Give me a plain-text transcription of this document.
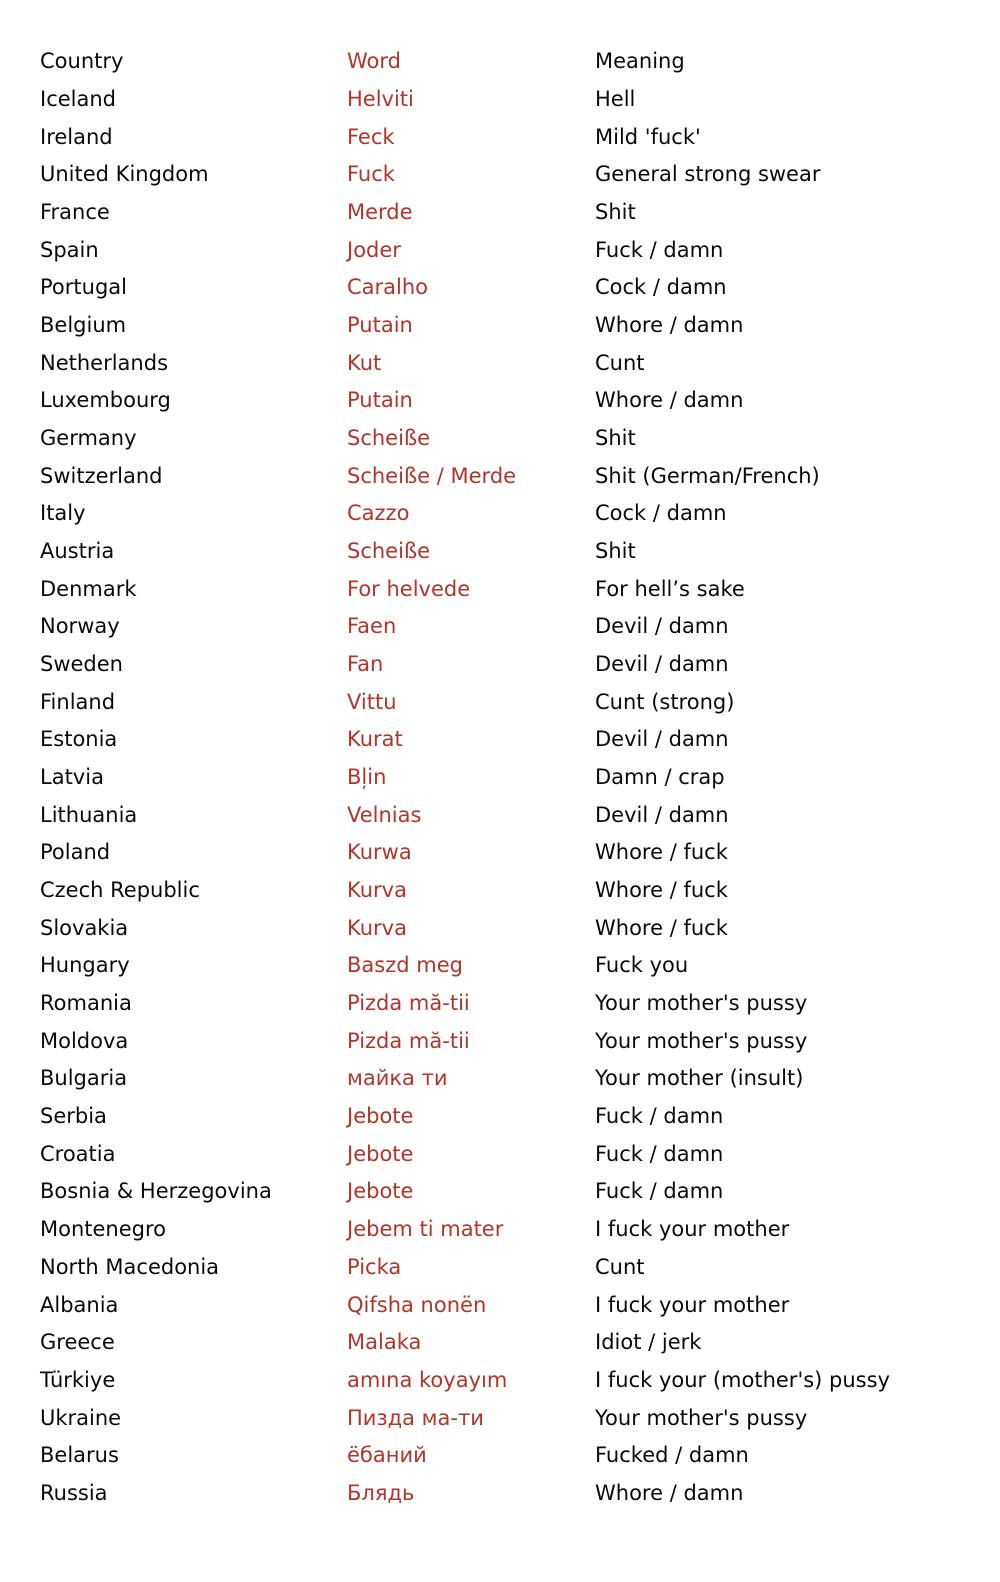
Country	Word	Meaning
Iceland	Helviti	Hell
Ireland	Feck	Mild 'fuck'
United Kingdom	Fuck	General strong swear
France	Merde	Shit
Spain	Joder	Fuck / damn
Portugal	Caralho	Cock / damn
Belgium	Putain	Whore / damn
Netherlands	Kut	Cunt
Luxembourg	Putain	Whore / damn
Germany	Scheiße	Shit
Switzerland	Scheiße / Merde	Shit (German/French)
Italy	Cazzo	Cock / damn
Austria	Scheiße	Shit
Denmark	For helvede	For hell’s sake
Norway	Faen	Devil / damn
Sweden	Fan	Devil / damn
Finland	Vittu	Cunt (strong)
Estonia	Kurat	Devil / damn
Latvia	Bļin	Damn / crap
Lithuania	Velnias	Devil / damn
Poland	Kurwa	Whore / fuck
Czech Republic	Kurva	Whore / fuck
Slovakia	Kurva	Whore / fuck
Hungary	Baszd meg	Fuck you
Romania	Pizda mă-tii	Your mother's pussy
Moldova	Pizda mă-tii	Your mother's pussy
Bulgaria	майка ти	Your mother (insult)
Serbia	Jebote	Fuck / damn
Croatia	Jebote	Fuck / damn
Bosnia & Herzegovina	Jebote	Fuck / damn
Montenegro	Jebem ti mater	I fuck your mother
North Macedonia	Picka	Cunt
Albania	Qifsha nonën	I fuck your mother
Greece	Malaka	Idiot / jerk
Türkiye	amına koyayım	I fuck your (mother's) pussy
Ukraine	Пизда ма-ти	Your mother's pussy
Belarus	ёбаний	Fucked / damn
Russia	Блядь	Whore / damn
